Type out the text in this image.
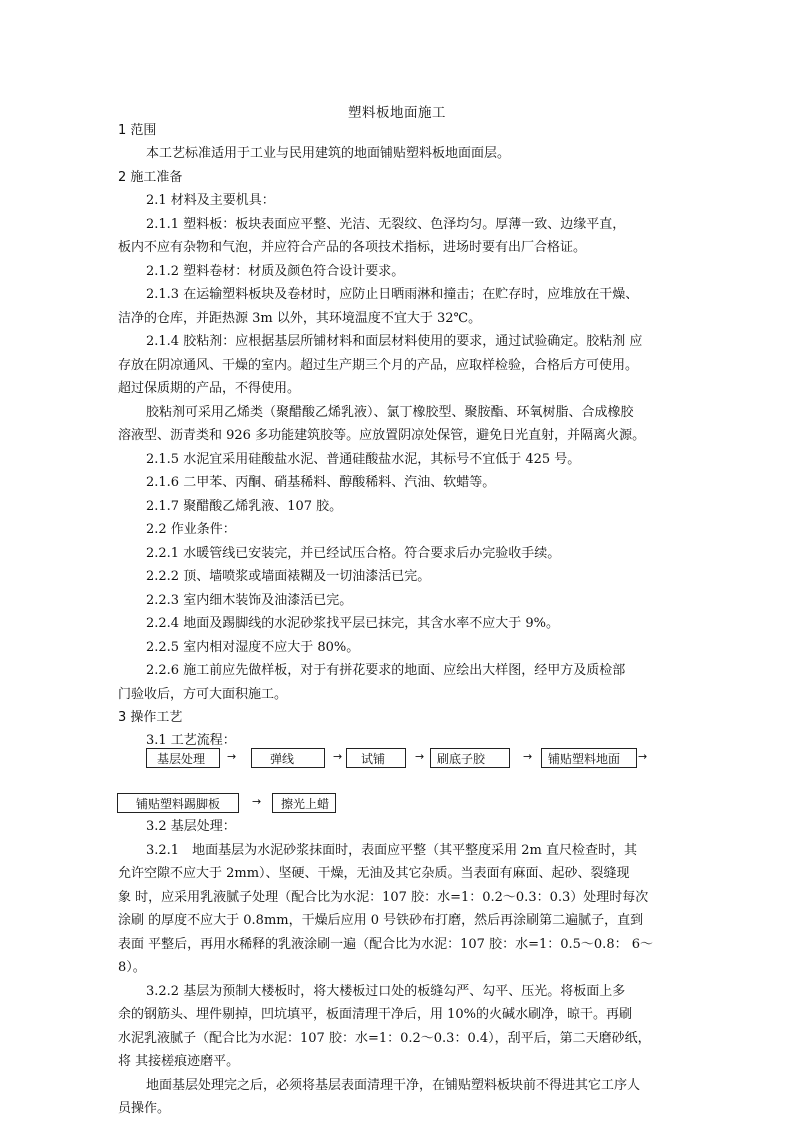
塑料板地面施工
1 范围
本工艺标准适用于工业与民用建筑的地面铺贴塑料板地面面层。
2 施工准备
2.1 材料及主要机具：
2.1.1 塑料板：板块表面应平整、光洁、无裂纹、色泽均匀。厚薄一致、边缘平直，
板内不应有杂物和气泡，并应符合产品的各项技术指标，进场时要有出厂合格证。
2.1.2 塑料卷材：材质及颜色符合设计要求。
2.1.3 在运输塑料板块及卷材时，应防止日晒雨淋和撞击；在贮存时，应堆放在干燥、
洁净的仓库，并距热源 3m 以外，其环境温度不宜大于 32℃。
2.1.4 胶粘剂：应根据基层所铺材料和面层材料使用的要求，通过试验确定。胶粘剂 应
存放在阴凉通风、干燥的室内。超过生产期三个月的产品，应取样检验，合格后方可使用。
超过保质期的产品，不得使用。
胶粘剂可采用乙烯类（聚醋酸乙烯乳液）、氯丁橡胶型、聚胺酯、环氧树脂、合成橡胶
溶液型、沥青类和 926 多功能建筑胶等。应放置阴凉处保管，避免日光直射，并隔离火源。
2.1.5 水泥宜采用硅酸盐水泥、普通硅酸盐水泥，其标号不宜低于 425 号。
2.1.6 二甲苯、丙酮、硝基稀料、醇酸稀料、汽油、软蜡等。
2.1.7 聚醋酸乙烯乳液、107 胶。
2.2 作业条件：
2.2.1 水暖管线已安装完，并已经试压合格。符合要求后办完验收手续。
2.2.2 顶、墙喷浆或墙面裱糊及一切油漆活已完。
2.2.3 室内细木装饰及油漆活已完。
2.2.4 地面及踢脚线的水泥砂浆找平层已抹完，其含水率不应大于 9%。
2.2.5 室内相对湿度不应大于 80%。
2.2.6 施工前应先做样板，对于有拼花要求的地面、应绘出大样图，经甲方及质检部
门验收后，方可大面积施工。
3 操作工艺
3.1 工艺流程：
基层处理	→	弹线	→	试铺	→	刷底子胶	→	铺贴塑料地面	→
铺贴塑料踢脚板	→	擦光上蜡
3.2 基层处理：
3.2.1　地面基层为水泥砂浆抹面时，表面应平整（其平整度采用 2m 直尺检查时，其
允许空隙不应大于 2mm）、坚硬、干燥，无油及其它杂质。当表面有麻面、起砂、裂缝现
象 时，应采用乳液腻子处理（配合比为水泥：107 胶：水=1：0.2～0.3：0.3）处理时每次
涂刷 的厚度不应大于 0.8mm，干燥后应用 0 号铁砂布打磨，然后再涂刷第二遍腻子，直到
表面 平整后，再用水稀释的乳液涂刷一遍（配合比为水泥：107 胶：水=1：0.5～0.8： 6～
8）。
3.2.2 基层为预制大楼板时，将大楼板过口处的板缝勾严、勾平、压光。将板面上多
余的钢筋头、埋件剔掉，凹坑填平，板面清理干净后，用 10%的火碱水刷净，晾干。再刷
水泥乳液腻子（配合比为水泥：107 胶：水=1：0.2～0.3：0.4），刮平后，第二天磨砂纸，
将 其接槎痕迹磨平。
地面基层处理完之后，必须将基层表面清理干净，在铺贴塑料板块前不得进其它工序人
员操作。
